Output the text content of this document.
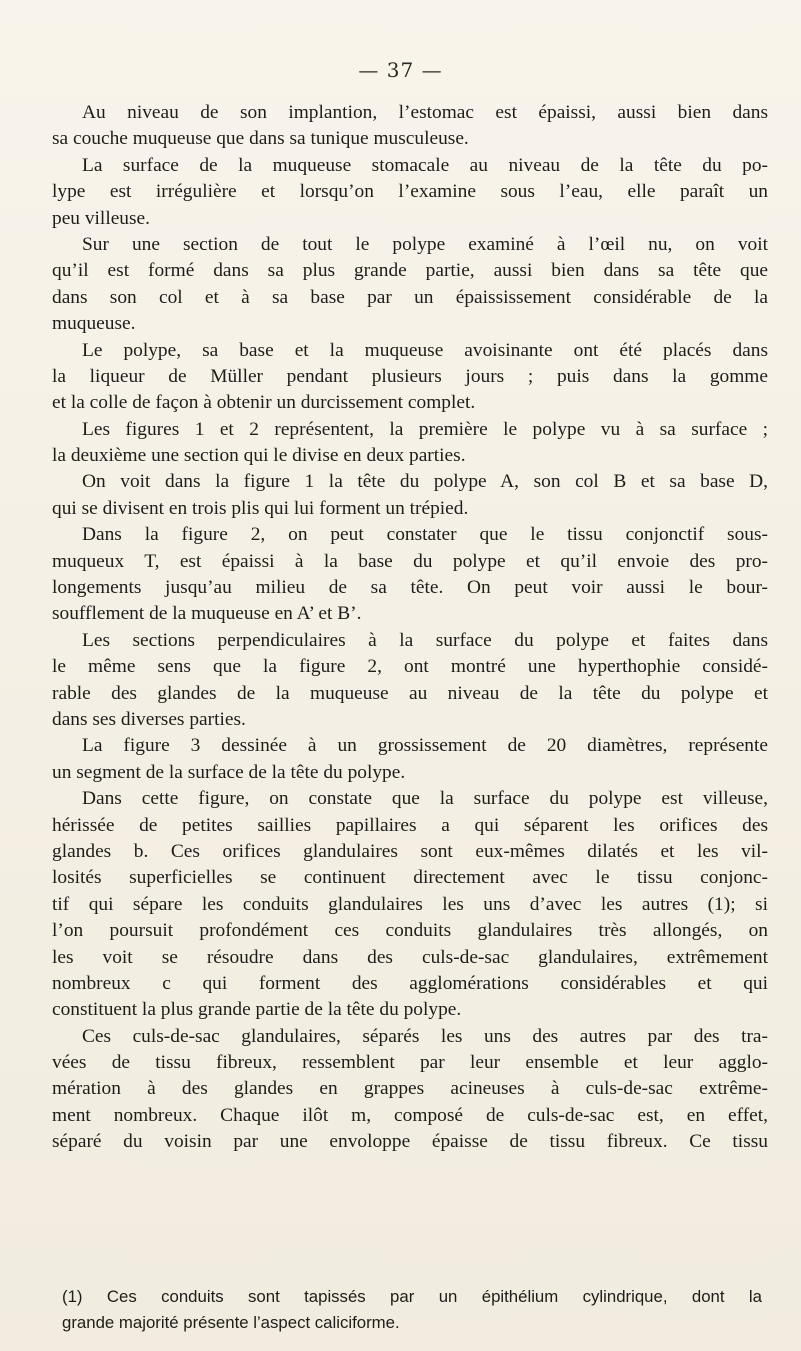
— 37 —
Au niveau de son implantion, l’estomac est épaissi, aussi bien dans
sa couche muqueuse que dans sa tunique musculeuse.
La surface de la muqueuse stomacale au niveau de la tête du po-
lype est irrégulière et lorsqu’on l’examine sous l’eau, elle paraît un
peu villeuse.
Sur une section de tout le polype examiné à l’œil nu, on voit
qu’il est formé dans sa plus grande partie, aussi bien dans sa tête que
dans son col et à sa base par un épaississement considérable de la
muqueuse.
Le polype, sa base et la muqueuse avoisinante ont été placés dans
la liqueur de Müller pendant plusieurs jours ; puis dans la gomme
et la colle de façon à obtenir un durcissement complet.
Les figures 1 et 2 représentent, la première le polype vu à sa surface ;
la deuxième une section qui le divise en deux parties.
On voit dans la figure 1 la tête du polype A, son col B et sa base D,
qui se divisent en trois plis qui lui forment un trépied.
Dans la figure 2, on peut constater que le tissu conjonctif sous-
muqueux T, est épaissi à la base du polype et qu’il envoie des pro-
longements jusqu’au milieu de sa tête. On peut voir aussi le bour-
soufflement de la muqueuse en A’ et B’.
Les sections perpendiculaires à la surface du polype et faites dans
le même sens que la figure 2, ont montré une hyperthophie considé-
rable des glandes de la muqueuse au niveau de la tête du polype et
dans ses diverses parties.
La figure 3 dessinée à un grossissement de 20 diamètres, représente
un segment de la surface de la tête du polype.
Dans cette figure, on constate que la surface du polype est villeuse,
hérissée de petites saillies papillaires a qui séparent les orifices des
glandes b. Ces orifices glandulaires sont eux-mêmes dilatés et les vil-
losités superficielles se continuent directement avec le tissu conjonc-
tif qui sépare les conduits glandulaires les uns d’avec les autres (1); si
l’on poursuit profondément ces conduits glandulaires très allongés, on
les voit se résoudre dans des culs-de-sac glandulaires, extrêmement
nombreux c qui forment des agglomérations considérables et qui
constituent la plus grande partie de la tête du polype.
Ces culs-de-sac glandulaires, séparés les uns des autres par des tra-
vées de tissu fibreux, ressemblent par leur ensemble et leur agglo-
mération à des glandes en grappes acineuses à culs-de-sac extrême-
ment nombreux. Chaque ilôt m, composé de culs-de-sac est, en effet,
séparé du voisin par une envoloppe épaisse de tissu fibreux. Ce tissu
(1) Ces conduits sont tapissés par un épithélium cylindrique, dont la
grande majorité présente l’aspect caliciforme.
